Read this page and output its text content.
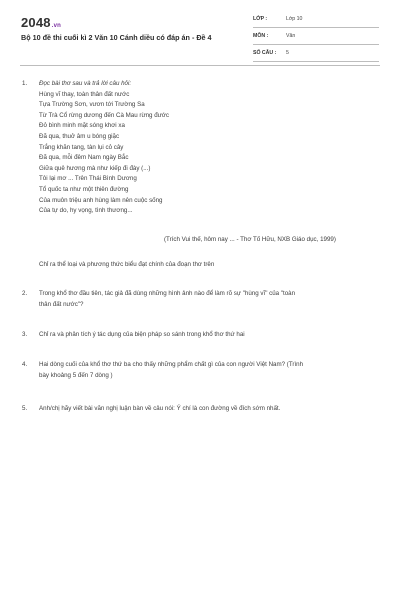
2048.vn
Bộ 10 đề thi cuối kì 2 Văn 10 Cánh diều có đáp án - Đề 4
LỚP :	Lớp 10
MÔN :	Văn
SỐ CÂU : 5
1.	Đọc bài thơ sau và trả lời câu hỏi:
Hùng vĩ thay, toàn thân đất nước
Tựa Trường Sơn, vươn tới Trường Sa
Từ Trà Cổ rừng dương đến Cà Mau rừng đước
Đỏ bình minh mặt sóng khơi xa
Đã qua, thuở âm u bóng giặc
Trắng khăn tang, tàn lụi cỏ cây
Đã qua, mỗi đêm Nam ngày Bắc
Giữa quê hương mà như kiếp đi đày (...)
Tôi lại mơ ... Trên Thái Bình Dương
Tổ quốc ta như một thiên đường
Của muôn triệu anh hùng làm nên cuộc sống
Của tự do, hy vọng, tình thương...
(Trích Vui thế, hôm nay ... - Thơ Tố Hữu, NXB Giáo dục, 1999)
Chỉ ra thể loại và phương thức biểu đạt chính của đoạn thơ trên
2.	Trong khổ thơ đầu tiên, tác giả đã dùng những hình ảnh nào để làm rõ sự "hùng vĩ" của "toàn
thân đất nước"?
3.	Chỉ ra và phân tích ý tác dụng của biện pháp so sánh trong khổ thơ thứ hai
4.	Hai dòng cuối của khổ thơ thứ ba cho thấy những phẩm chất gì của con người Việt Nam? (Trình
bày khoảng 5 đến 7 dòng )
5.	Anh/chị hãy viết bài văn nghị luận bàn về câu nói: Ý chí là con đường về đích sớm nhất.
